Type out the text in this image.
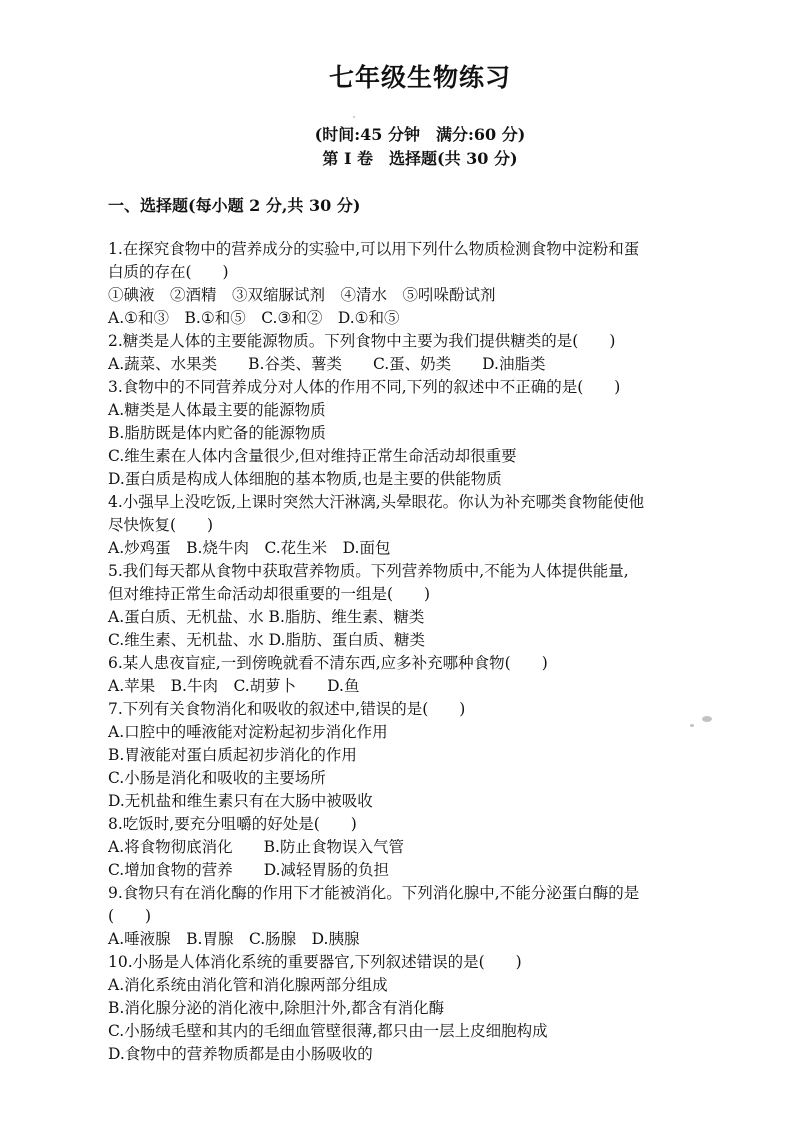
七年级生物练习
(时间:45 分钟　满分:60 分)
第 I 卷　选择题(共 30 分)
一、选择题(每小题 2 分,共 30 分)
1.在探究食物中的营养成分的实验中,可以用下列什么物质检测食物中淀粉和蛋
白质的存在(　　)
①碘液　②酒精　③双缩脲试剂　④清水　⑤吲哚酚试剂
A.①和③　B.①和⑤　C.③和②　D.①和⑤
2.糖类是人体的主要能源物质。下列食物中主要为我们提供糖类的是(　　)
A.蔬菜、水果类　　B.谷类、薯类　　C.蛋、奶类　　D.油脂类
3.食物中的不同营养成分对人体的作用不同,下列的叙述中不正确的是(　　)
A.糖类是人体最主要的能源物质
B.脂肪既是体内贮备的能源物质
C.维生素在人体内含量很少,但对维持正常生命活动却很重要
D.蛋白质是构成人体细胞的基本物质,也是主要的供能物质
4.小强早上没吃饭,上课时突然大汗淋漓,头晕眼花。你认为补充哪类食物能使他
尽快恢复(　　)
A.炒鸡蛋　B.烧牛肉　C.花生米　D.面包
5.我们每天都从食物中获取营养物质。下列营养物质中,不能为人体提供能量,
但对维持正常生命活动却很重要的一组是(　　)
A.蛋白质、无机盐、水 B.脂肪、维生素、糖类
C.维生素、无机盐、水 D.脂肪、蛋白质、糖类
6.某人患夜盲症,一到傍晚就看不清东西,应多补充哪种食物(　　)
A.苹果　B.牛肉　C.胡萝卜　　D.鱼
7.下列有关食物消化和吸收的叙述中,错误的是(　　)
A.口腔中的唾液能对淀粉起初步消化作用
B.胃液能对蛋白质起初步消化的作用
C.小肠是消化和吸收的主要场所
D.无机盐和维生素只有在大肠中被吸收
8.吃饭时,要充分咀嚼的好处是(　　)
A.将食物彻底消化　　B.防止食物误入气管
C.增加食物的营养　　D.减轻胃肠的负担
9.食物只有在消化酶的作用下才能被消化。下列消化腺中,不能分泌蛋白酶的是
(　　)
A.唾液腺　B.胃腺　C.肠腺　D.胰腺
10.小肠是人体消化系统的重要器官,下列叙述错误的是(　　)
A.消化系统由消化管和消化腺两部分组成
B.消化腺分泌的消化液中,除胆汁外,都含有消化酶
C.小肠绒毛壁和其内的毛细血管壁很薄,都只由一层上皮细胞构成
D.食物中的营养物质都是由小肠吸收的
